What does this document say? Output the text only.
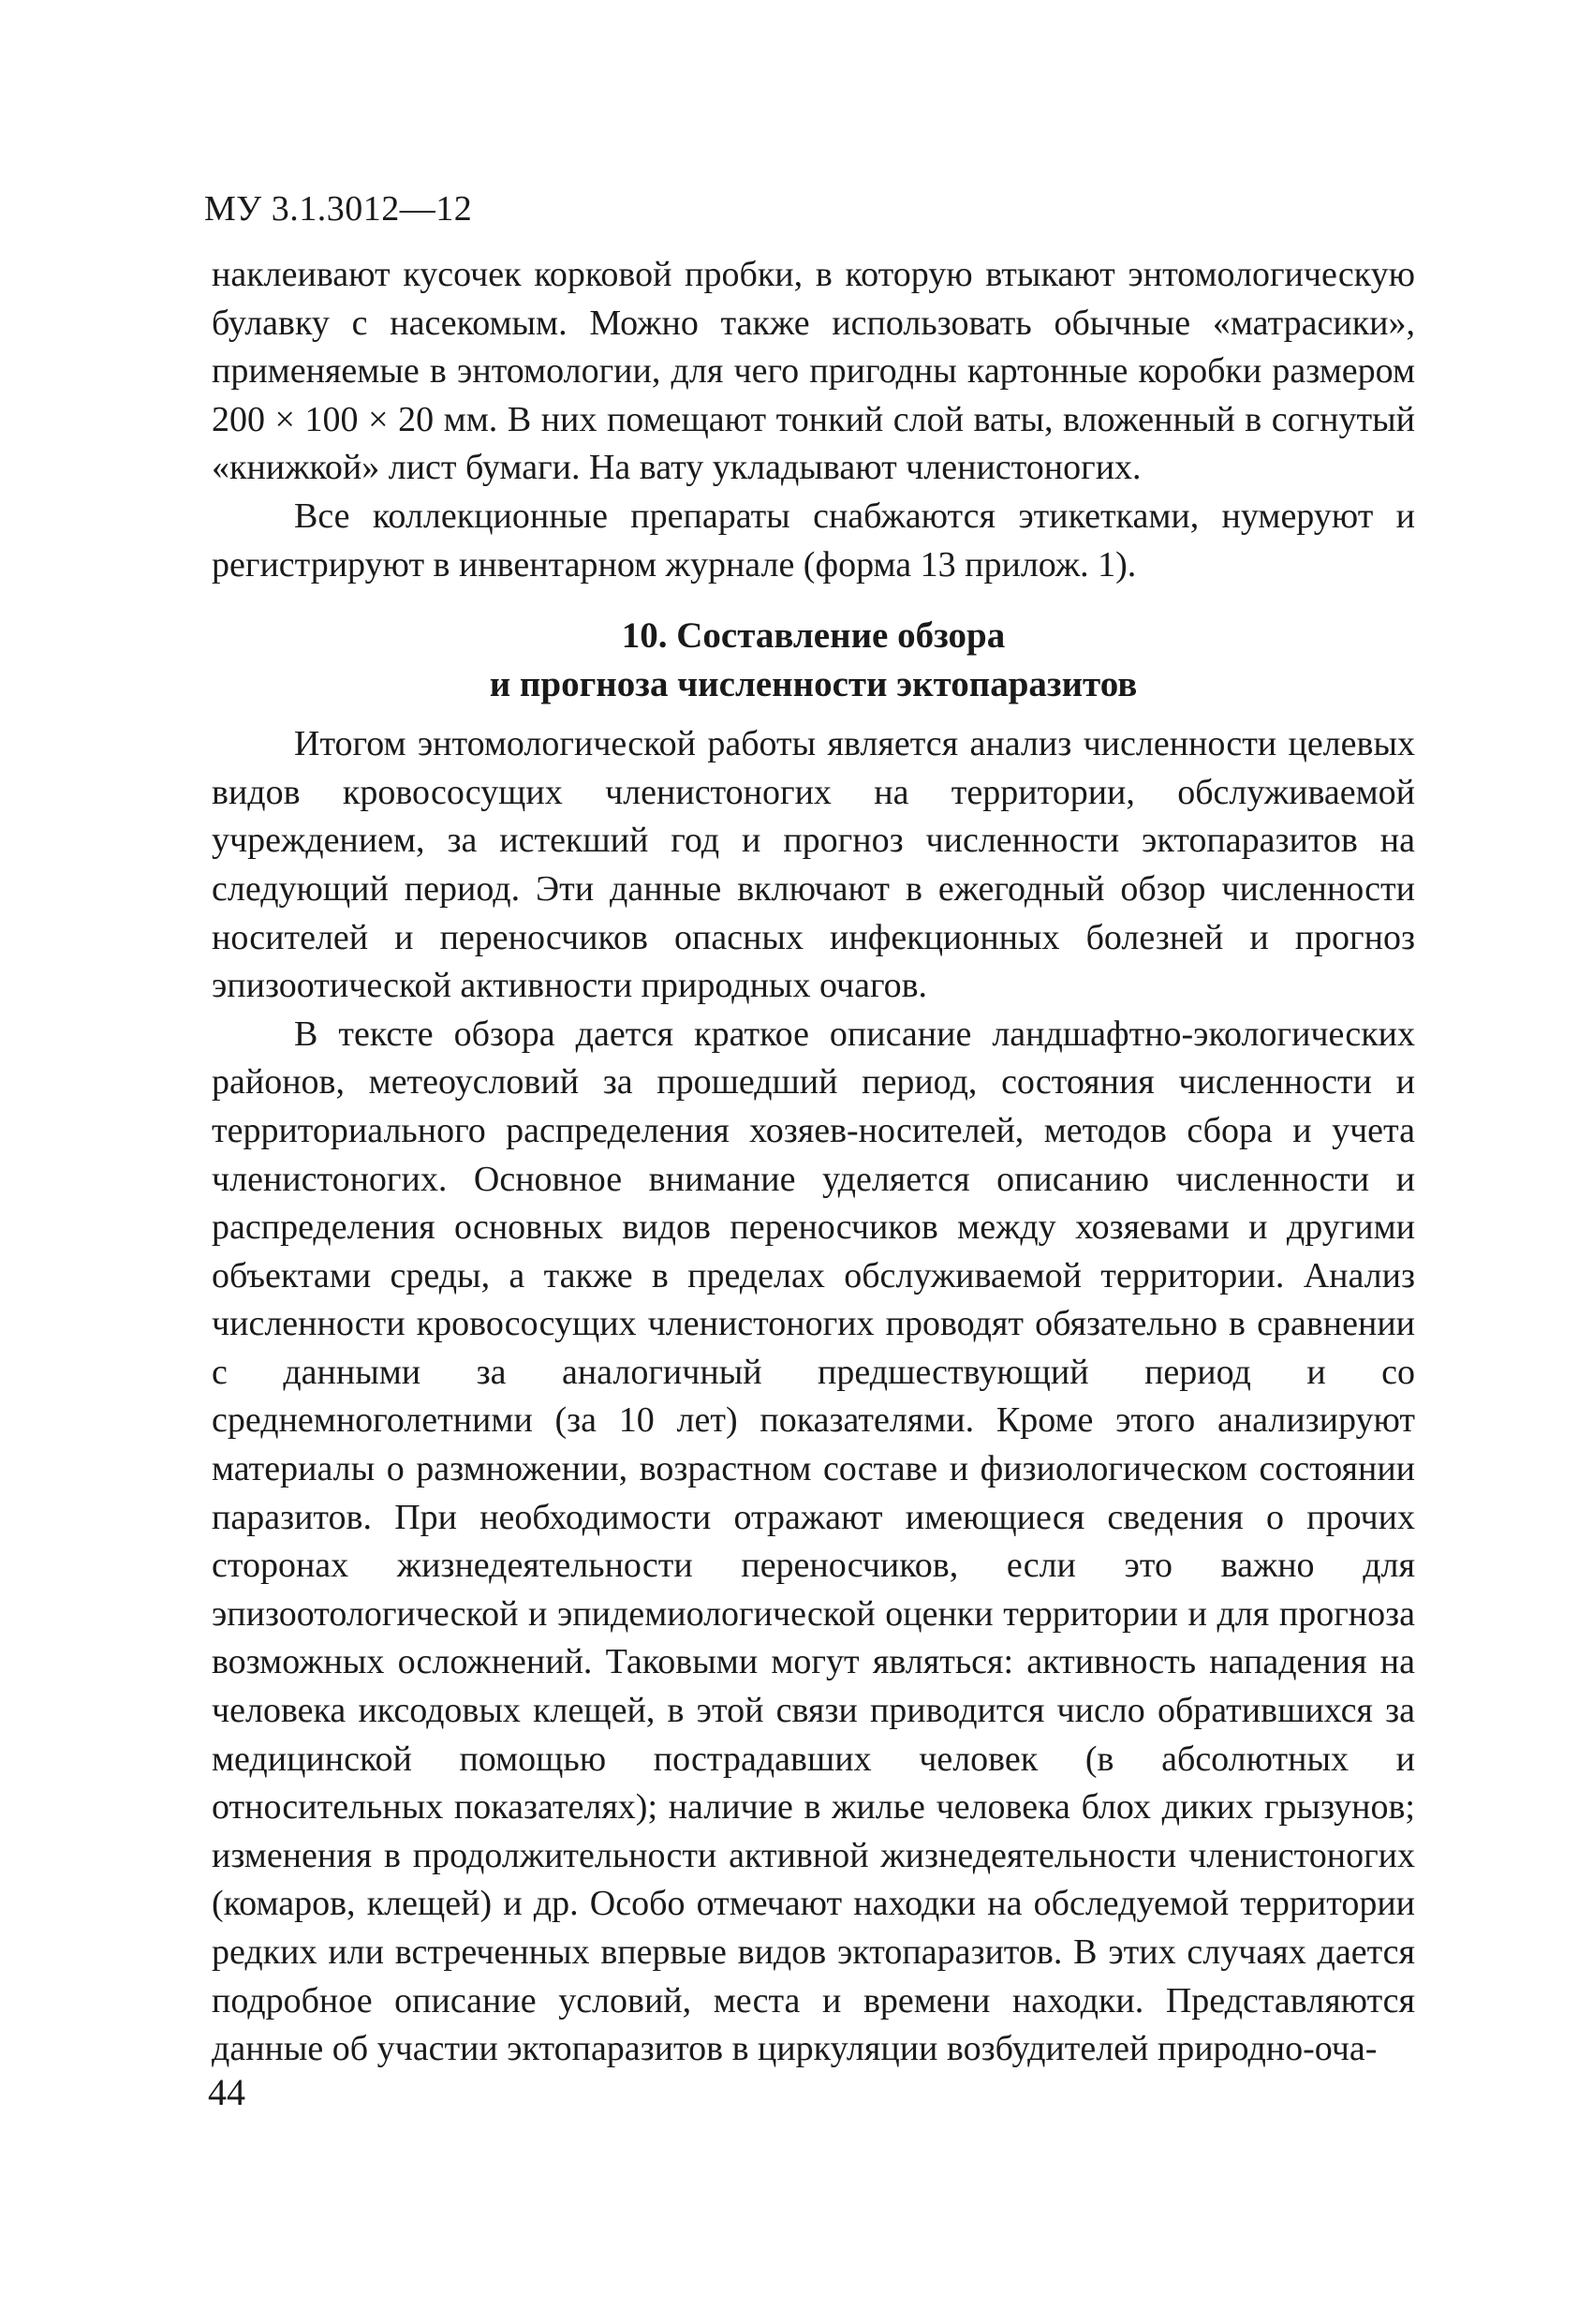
МУ 3.1.3012—12

наклеивают кусочек корковой пробки, в которую втыкают энтомологическую булавку с насекомым. Можно также использовать обычные «матрасики», применяемые в энтомологии, для чего пригодны картонные коробки размером 200 × 100 × 20 мм. В них помещают тонкий слой ваты, вложенный в согнутый «книжкой» лист бумаги. На вату укладывают членистоногих.

Все коллекционные препараты снабжаются этикетками, нумеруют и регистрируют в инвентарном журнале (форма 13 прилож. 1).

10. Составление обзора
и прогноза численности эктопаразитов

Итогом энтомологической работы является анализ численности целевых видов кровососущих членистоногих на территории, обслуживаемой учреждением, за истекший год и прогноз численности эктопаразитов на следующий период. Эти данные включают в ежегодный обзор численности носителей и переносчиков опасных инфекционных болезней и прогноз эпизоотической активности природных очагов.

В тексте обзора дается краткое описание ландшафтно-экологических районов, метеоусловий за прошедший период, состояния численности и территориального распределения хозяев-носителей, методов сбора и учета членистоногих. Основное внимание уделяется описанию численности и распределения основных видов переносчиков между хозяевами и другими объектами среды, а также в пределах обслуживаемой территории. Анализ численности кровососущих членистоногих проводят обязательно в сравнении с данными за аналогичный предшествующий период и со среднемноголетними (за 10 лет) показателями. Кроме этого анализируют материалы о размножении, возрастном составе и физиологическом состоянии паразитов. При необходимости отражают имеющиеся сведения о прочих сторонах жизнедеятельности переносчиков, если это важно для эпизоотологической и эпидемиологической оценки территории и для прогноза возможных осложнений. Таковыми могут являться: активность нападения на человека иксодовых клещей, в этой связи приводится число обратившихся за медицинской помощью пострадавших человек (в абсолютных и относительных показателях); наличие в жилье человека блох диких грызунов; изменения в продолжительности активной жизнедеятельности членистоногих (комаров, клещей) и др. Особо отмечают находки на обследуемой территории редких или встреченных впервые видов эктопаразитов. В этих случаях дается подробное описание условий, места и времени находки. Представляются данные об участии эктопаразитов в циркуляции возбудителей природно-оча-

44
